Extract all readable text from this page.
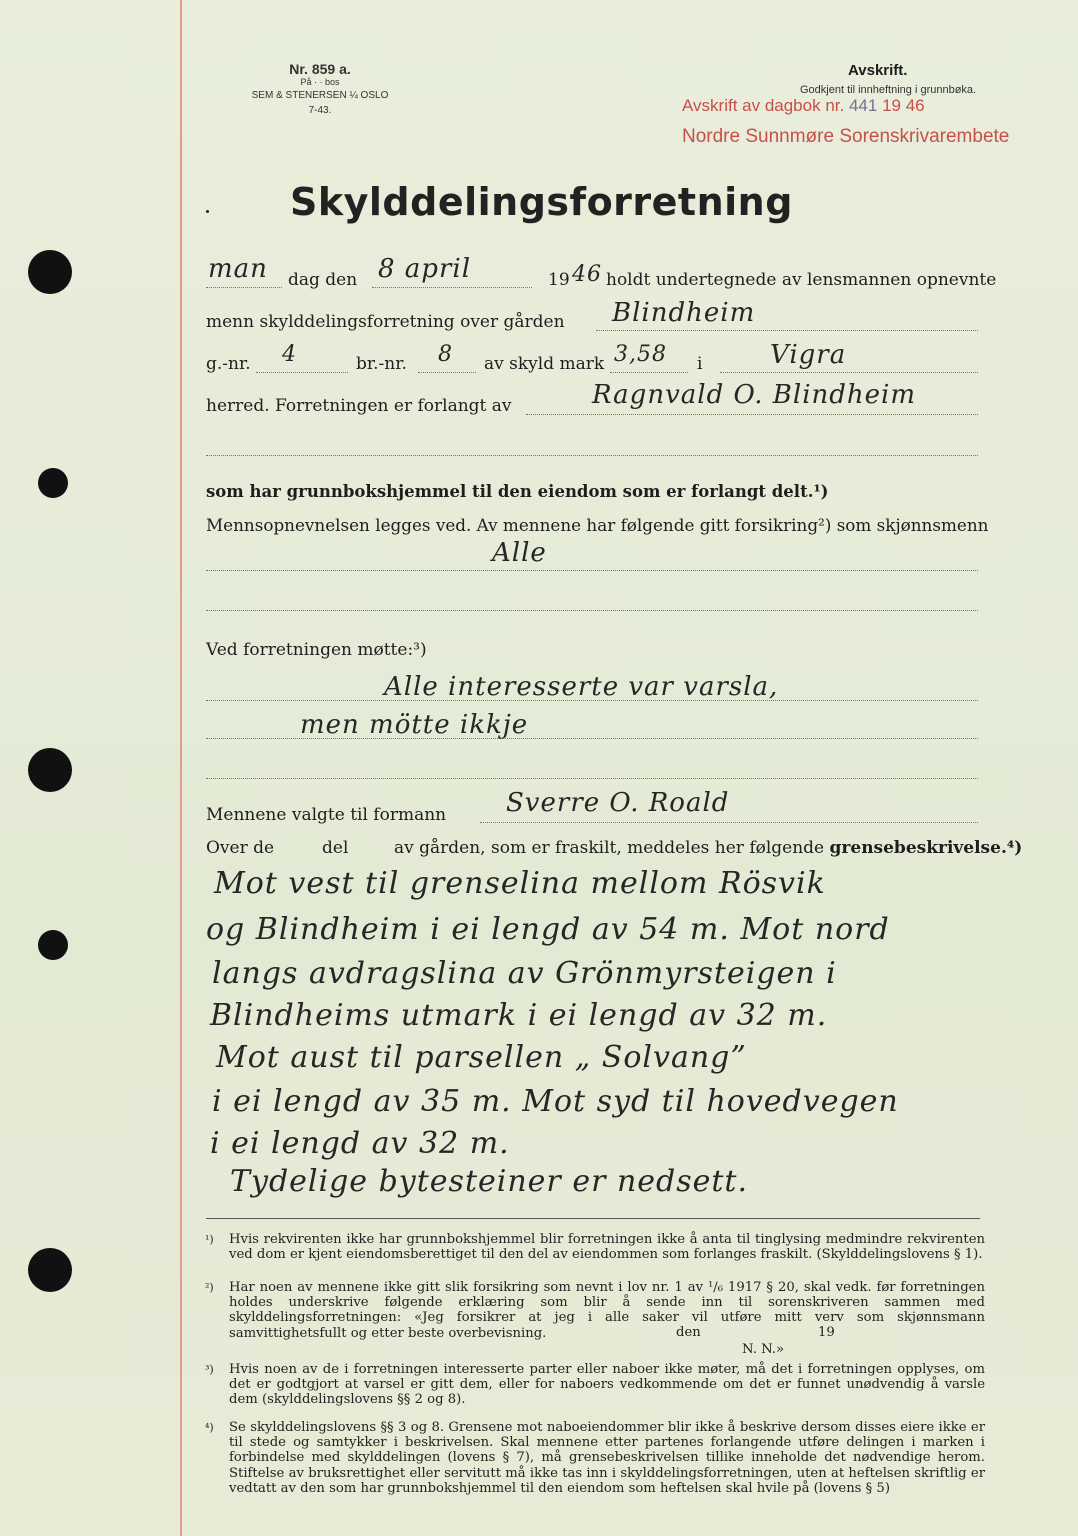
Nr. 859 a.
På · · bos
SEM & STENERSEN ¼ OSLO
7-43.
Avskrift.
Godkjent til innheftning i grunnbøka.
Avskrift av dagbok nr. 441 19 46
Nordre Sunnmøre Sorenskrivarembete
Skylddelingsforretning
man dag den 8 april	19 46 holdt undertegnede av lensmannen opnevnte
menn skylddelingsforretning over gården Blindheim
g.-nr. 4	br.-nr. 8 av skyld mark 3,58 i	Vigra
herred. Forretningen er forlangt av	Ragnvald O. Blindheim
som har grunnbokshjemmel til den eiendom som er forlangt delt.¹)
Mennsopnevnelsen legges ved. Av mennene har følgende gitt forsikring²) som skjønnsmenn
Alle
Ved forretningen møtte:³)
Alle interesserte var varsla,
men mötte ikkje
Mennene valgte til formann Sverre O. Roald
Over de	del	av gården, som er fraskilt, meddeles her følgende grensebeskrivelse.⁴)
Mot vest til grenselina mellom Rösvik
og Blindheim i ei lengd av 54 m. Mot nord
langs avdragslina av Grönmyrsteigen i
Blindheims utmark i ei lengd av 32 m.
Mot aust til parsellen „ Solvang”
i ei lengd av 35 m. Mot syd til hovedvegen
i ei lengd av 32 m.
Tydelige bytesteiner er nedsett.
¹) Hvis rekvirenten ikke har grunnbokshjemmel blir forretningen ikke å anta til tinglysing medmindre rekvirenten ved dom er kjent eiendomsberettiget til den del av eiendommen som forlanges fraskilt. (Skylddelingslovens § 1).
²) Har noen av mennene ikke gitt slik forsikring som nevnt i lov nr. 1 av ¹/₆ 1917 § 20, skal vedk. før forretningen holdes underskrive følgende erklæring som blir å sende inn til sorenskriveren sammen med skylddelingsforretningen: «Jeg forsikrer at jeg i alle saker vil utføre mitt verv som skjønnsmann samvittighetsfullt og etter beste overbevisning.	den	19
N. N.»
³) Hvis noen av de i forretningen interesserte parter eller naboer ikke møter, må det i forretningen opplyses, om det er godtgjort at varsel er gitt dem, eller for naboers vedkommende om det er funnet unødvendig å varsle dem (skylddelingslovens §§ 2 og 8).
⁴) Se skylddelingslovens §§ 3 og 8. Grensene mot naboeiendommer blir ikke å beskrive dersom disses eiere ikke er til stede og samtykker i beskrivelsen. Skal mennene etter partenes forlangende utføre delingen i marken i forbindelse med skylddelingen (lovens § 7), må grensebeskrivelsen tillike inneholde det nødvendige herom. Stiftelse av bruksrettighet eller servitutt må ikke tas inn i skylddelingsforretningen, uten at heftelsen skriftlig er vedtatt av den som har grunnbokshjemmel til den eiendom som heftelsen skal hvile på (lovens § 5)
